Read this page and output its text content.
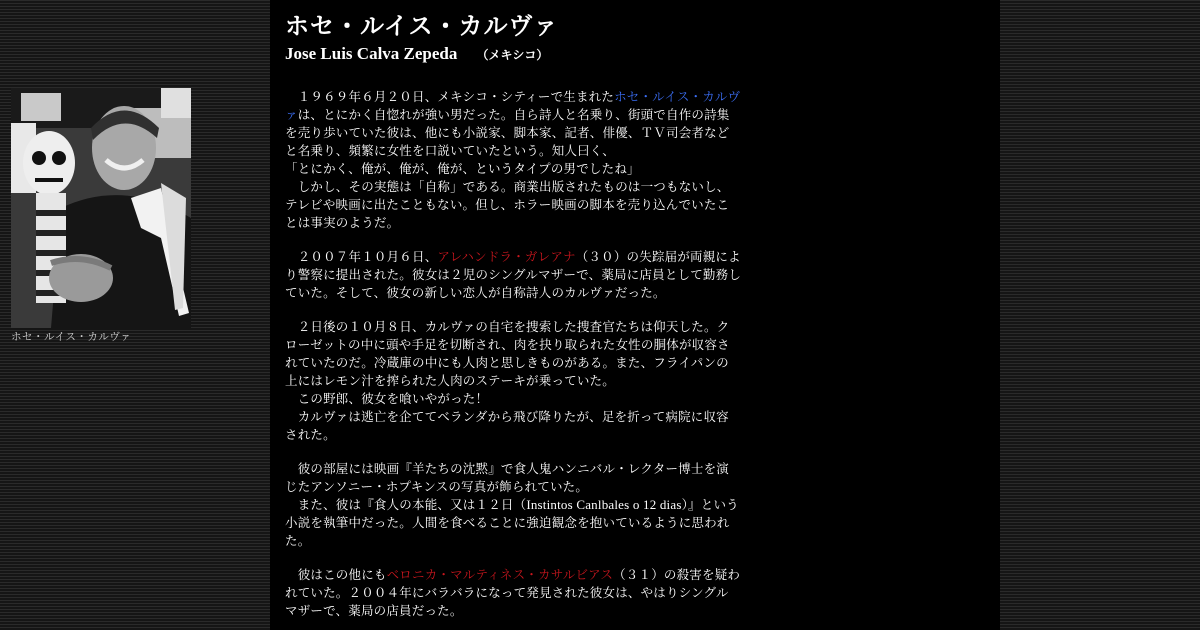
ホセ・ルイス・カルヴァ
ホセ・ルイス・カルヴァ
Jose Luis Calva Zepeda （メキシコ）

　１９６９年６月２０日、メキシコ・シティーで生まれたホセ・ルイス・カルヴァは、とにかく自惚れが強い男だった。自ら詩人と名乗り、街頭で自作の詩集を売り歩いていた彼は、他にも小説家、脚本家、記者、俳優、ＴＶ司会者などと名乗り、頻繁に女性を口説いていたという。知人曰く、
「とにかく、俺が、俺が、俺が、というタイプの男でしたね」
　しかし、その実態は「自称」である。商業出版されたものは一つもないし、テレビや映画に出たこともない。但し、ホラー映画の脚本を売り込んでいたことは事実のようだ。

　２００７年１０月６日、アレハンドラ・ガレアナ（３０）の失踪届が両親により警察に提出された。彼女は２児のシングルマザーで、薬局に店員として勤務していた。そして、彼女の新しい恋人が自称詩人のカルヴァだった。

　２日後の１０月８日、カルヴァの自宅を捜索した捜査官たちは仰天した。クローゼットの中に頭や手足を切断され、肉を抉り取られた女性の胴体が収容されていたのだ。冷蔵庫の中にも人肉と思しきものがある。また、フライパンの上にはレモン汁を搾られた人肉のステーキが乗っていた。
　この野郎、彼女を喰いやがった！
　カルヴァは逃亡を企ててベランダから飛び降りたが、足を折って病院に収容された。

　彼の部屋には映画『羊たちの沈黙』で食人鬼ハンニバル・レクター博士を演じたアンソニー・ホプキンスの写真が飾られていた。
　また、彼は『食人の本能、又は１２日（Instintos Canlbales o 12 dias）』という小説を執筆中だった。人間を食べることに強迫観念を抱いているように思われた。

　彼はこの他にもベロニカ・マルティネス・カサルビアス（３１）の殺害を疑われていた。２００４年にバラバラになって発見された彼女は、やはりシングルマザーで、薬局の店員だった。
